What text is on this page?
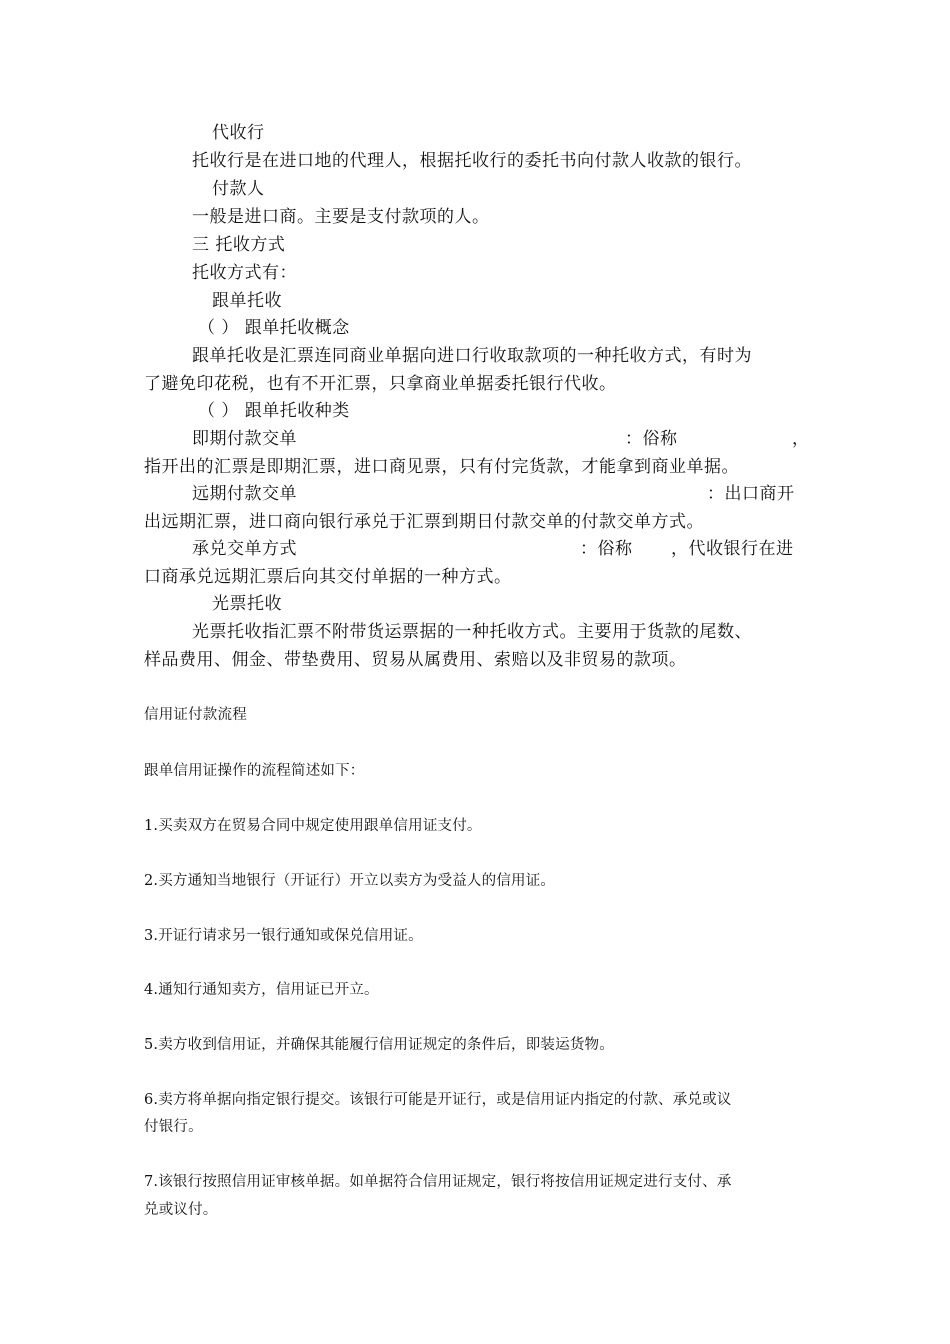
代收行

托收行是在进口地的代理人，根据托收行的委托书向付款人收款的银行。

付款人

一般是进口商。主要是支付款项的人。

三 托收方式

托收方式有：

跟单托收

（ ） 跟单托收概念

跟单托收是汇票连同商业单据向进口行收取款项的一种托收方式，有时为

了避免印花税，也有不开汇票，只拿商业单据委托银行代收。

（ ） 跟单托收种类

即期付款交单	：俗称	，

指开出的汇票是即期汇票，进口商见票，只有付完货款，才能拿到商业单据。

远期付款交单	：出口商开

出远期汇票，进口商向银行承兑于汇票到期日付款交单的付款交单方式。

承兑交单方式	：俗称 ，代收银行在进

口商承兑远期汇票后向其交付单据的一种方式。

光票托收

光票托收指汇票不附带货运票据的一种托收方式。主要用于货款的尾数、

样品费用、佣金、带垫费用、贸易从属费用、索赔以及非贸易的款项。

信用证付款流程

跟单信用证操作的流程简述如下：

1.买卖双方在贸易合同中规定使用跟单信用证支付。

2.买方通知当地银行（开证行）开立以卖方为受益人的信用证。

3.开证行请求另一银行通知或保兑信用证。

4.通知行通知卖方，信用证已开立。

5.卖方收到信用证，并确保其能履行信用证规定的条件后，即装运货物。

6.卖方将单据向指定银行提交。该银行可能是开证行，或是信用证内指定的付款、承兑或议

付银行。

7.该银行按照信用证审核单据。如单据符合信用证规定，银行将按信用证规定进行支付、承

兑或议付。
